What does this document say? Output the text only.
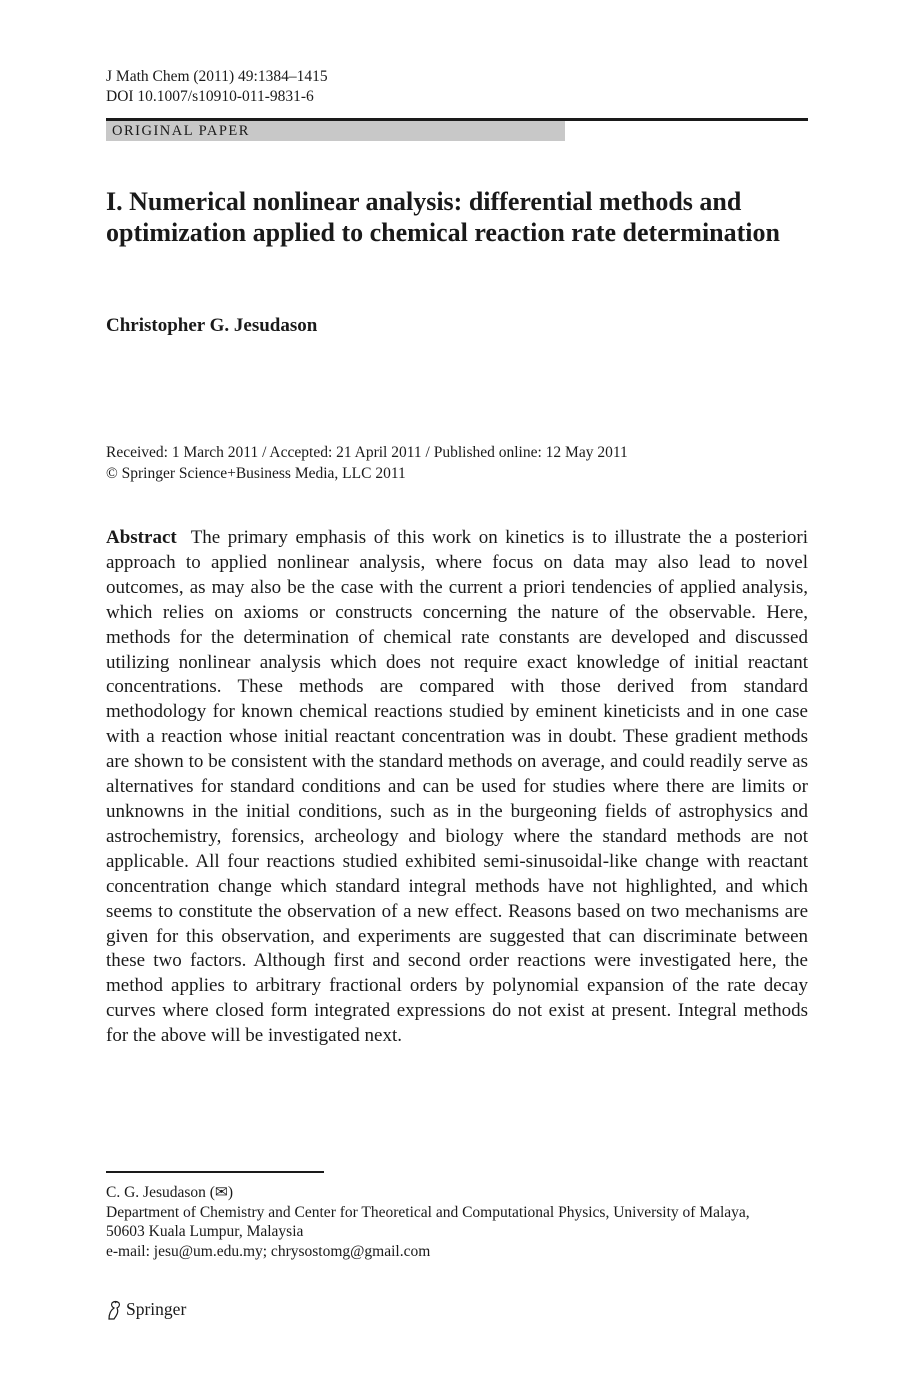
J Math Chem (2011) 49:1384–1415
DOI 10.1007/s10910-011-9831-6
ORIGINAL PAPER
I. Numerical nonlinear analysis: differential methods and optimization applied to chemical reaction rate determination
Christopher G. Jesudason
Received: 1 March 2011 / Accepted: 21 April 2011 / Published online: 12 May 2011
© Springer Science+Business Media, LLC 2011

Abstract The primary emphasis of this work on kinetics is to illustrate the a posteriori approach to applied nonlinear analysis, where focus on data may also lead to novel outcomes, as may also be the case with the current a priori tendencies of applied analysis, which relies on axioms or constructs concerning the nature of the observable. Here, methods for the determination of chemical rate constants are developed and discussed utilizing nonlinear analysis which does not require exact knowledge of initial reactant concentrations. These methods are compared with those derived from standard methodology for known chemical reactions studied by eminent kineticists and in one case with a reaction whose initial reactant concentration was in doubt. These gradient methods are shown to be consistent with the standard methods on average, and could readily serve as alternatives for standard conditions and can be used for studies where there are limits or unknowns in the initial conditions, such as in the burgeoning fields of astrophysics and astrochemistry, forensics, archeology and biology where the standard methods are not applicable. All four reactions studied exhibited semi-sinusoidal-like change with reactant concentration change which standard integral methods have not highlighted, and which seems to constitute the observation of a new effect. Reasons based on two mechanisms are given for this observation, and experiments are suggested that can discriminate between these two factors. Although first and second order reactions were investigated here, the method applies to arbitrary fractional orders by polynomial expansion of the rate decay curves where closed form integrated expressions do not exist at present. Integral methods for the above will be investigated next.

C. G. Jesudason (✉)
Department of Chemistry and Center for Theoretical and Computational Physics, University of Malaya,
50603 Kuala Lumpur, Malaysia
e-mail: jesu@um.edu.my; chrysostomg@gmail.com
Springer
